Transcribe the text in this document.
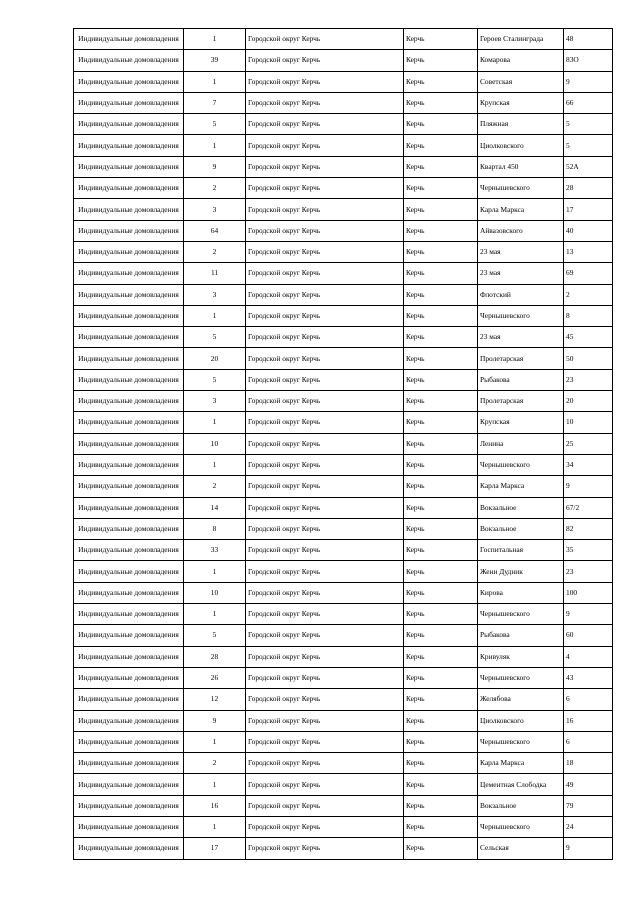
Индивидуальные домовладения	1	Городской округ Керчь	Керчь	Героев Сталинграда	48
Индивидуальные домовладения	39	Городской округ Керчь	Керчь	Комарова	83О
Индивидуальные домовладения	1	Городской округ Керчь	Керчь	Советская	9
Индивидуальные домовладения	7	Городской округ Керчь	Керчь	Крупская	66
Индивидуальные домовладения	5	Городской округ Керчь	Керчь	Пляжная	5
Индивидуальные домовладения	1	Городской округ Керчь	Керчь	Циолковского	5
Индивидуальные домовладения	9	Городской округ Керчь	Керчь	Квартал 450	52А
Индивидуальные домовладения	2	Городской округ Керчь	Керчь	Чернышевского	28
Индивидуальные домовладения	3	Городской округ Керчь	Керчь	Карла Маркса	17
Индивидуальные домовладения	64	Городской округ Керчь	Керчь	Айвазовского	40
Индивидуальные домовладения	2	Городской округ Керчь	Керчь	23 мая	13
Индивидуальные домовладения	11	Городской округ Керчь	Керчь	23 мая	69
Индивидуальные домовладения	3	Городской округ Керчь	Керчь	Флотский	2
Индивидуальные домовладения	1	Городской округ Керчь	Керчь	Чернышевского	8
Индивидуальные домовладения	5	Городской округ Керчь	Керчь	23 мая	45
Индивидуальные домовладения	20	Городской округ Керчь	Керчь	Пролетарская	50
Индивидуальные домовладения	5	Городской округ Керчь	Керчь	Рыбакова	23
Индивидуальные домовладения	3	Городской округ Керчь	Керчь	Пролетарская	20
Индивидуальные домовладения	1	Городской округ Керчь	Керчь	Крупская	10
Индивидуальные домовладения	10	Городской округ Керчь	Керчь	Ленина	25
Индивидуальные домовладения	1	Городской округ Керчь	Керчь	Чернышевского	34
Индивидуальные домовладения	2	Городской округ Керчь	Керчь	Карла Маркса	9
Индивидуальные домовладения	14	Городской округ Керчь	Керчь	Вокзальное	67/2
Индивидуальные домовладения	8	Городской округ Керчь	Керчь	Вокзальное	82
Индивидуальные домовладения	33	Городской округ Керчь	Керчь	Госпитальная	35
Индивидуальные домовладения	1	Городской округ Керчь	Керчь	Жени Дудник	23
Индивидуальные домовладения	10	Городской округ Керчь	Керчь	Кирова	100
Индивидуальные домовладения	1	Городской округ Керчь	Керчь	Чернышевского	9
Индивидуальные домовладения	5	Городской округ Керчь	Керчь	Рыбакова	60
Индивидуальные домовладения	28	Городской округ Керчь	Керчь	Кривуляк	4
Индивидуальные домовладения	26	Городской округ Керчь	Керчь	Чернышевского	43
Индивидуальные домовладения	12	Городской округ Керчь	Керчь	Желябова	6
Индивидуальные домовладения	9	Городской округ Керчь	Керчь	Циолковского	16
Индивидуальные домовладения	1	Городской округ Керчь	Керчь	Чернышевского	6
Индивидуальные домовладения	2	Городской округ Керчь	Керчь	Карла Маркса	18
Индивидуальные домовладения	1	Городской округ Керчь	Керчь	Цементная Слободка	49
Индивидуальные домовладения	16	Городской округ Керчь	Керчь	Вокзальное	79
Индивидуальные домовладения	1	Городской округ Керчь	Керчь	Чернышевского	24
Индивидуальные домовладения	17	Городской округ Керчь	Керчь	Сельская	9
